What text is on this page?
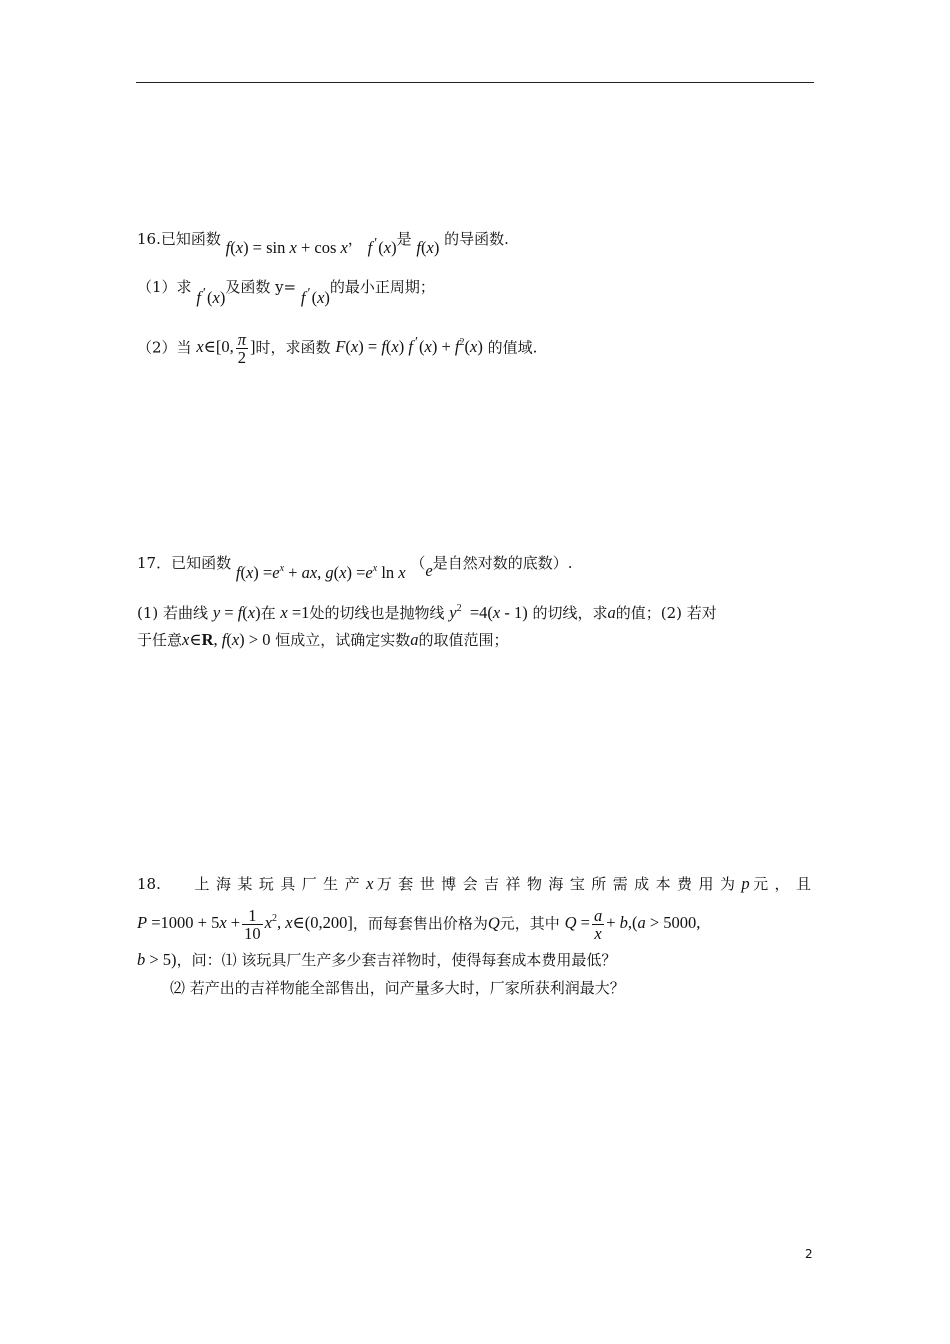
16.已知函数 f(x) = sin x + cos x， f ′(x)是 f(x) 的导函数.
（1）求 f ′(x)及函数 y= f ′(x)的最小正周期；
（2）当 x∈[0, $\frac{\pi}{2}$ ]时，求函数 F(x) = f(x) f $'(x) + f^2(x)$ 的值域.
17．已知函数 $f(x) =e^x$ + ax, $g(x) =e^x$ ln x （e是自然对数的底数）.
(1) 若曲线 y = f(x)在 x =1处的切线也是抛物线 $y^2 =4(x - 1)$ 的切线，求a的值；(2) 若对
于任意x∈R, f(x) > 0 恒成立，试确定实数a的取值范围；
18. 上海某玩具厂生产x万套世博会吉祥物海宝所需成本费用为p元，且
$P =1000 + 5x + \frac{1}{10} x^2$, x∈(0,200]，而每套售出价格为Q元，其中 $Q = \frac{a}{x} + b,(a > 5000$,
b > 5)，问：⑴ 该玩具厂生产多少套吉祥物时，使得每套成本费用最低？
⑵ 若产出的吉祥物能全部售出，问产量多大时，厂家所获利润最大？
2
